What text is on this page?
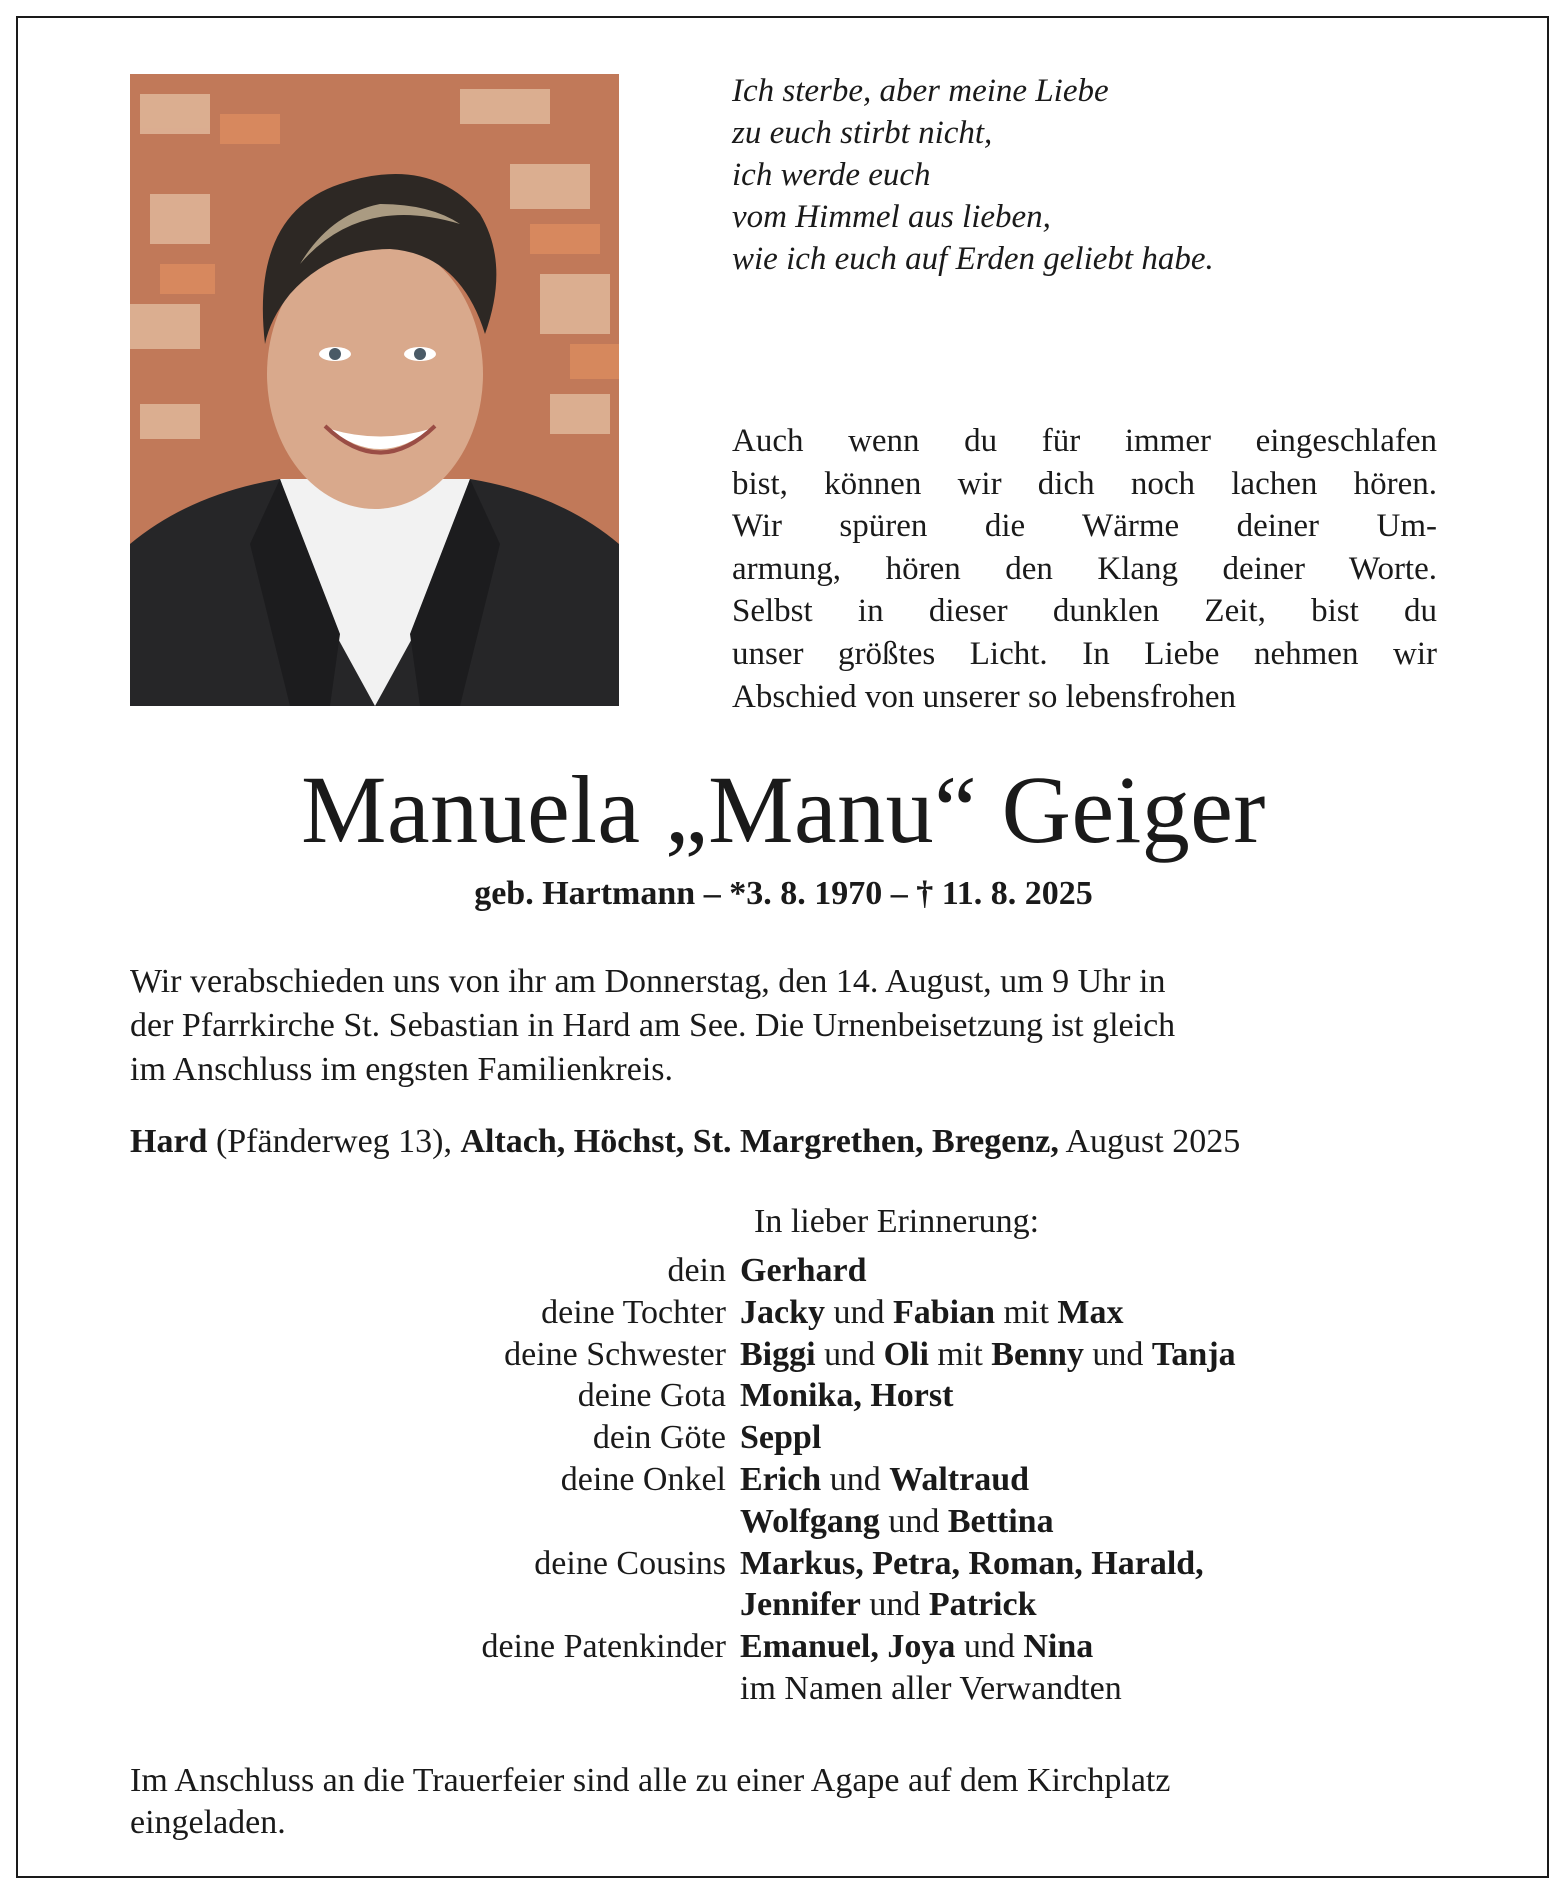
Ich sterbe, aber meine Liebe
zu euch stirbt nicht,
ich werde euch
vom Himmel aus lieben,
wie ich euch auf Erden geliebt habe.
Auch wenn du für immer eingeschlafen
bist, können wir dich noch lachen hören.
Wir spüren die Wärme deiner Um-
armung, hören den Klang deiner Worte.
Selbst in dieser dunklen Zeit, bist du
unser größtes Licht. In Liebe nehmen wir
Abschied von unserer so lebensfrohen
Manuela „Manu“ Geiger
geb. Hartmann – *3. 8. 1970 – † 11. 8. 2025
Wir verabschieden uns von ihr am Donnerstag, den 14. August, um 9 Uhr in
der Pfarrkirche St. Sebastian in Hard am See. Die Urnenbeisetzung ist gleich
im Anschluss im engsten Familienkreis.
Hard (Pfänderweg 13), Altach, Höchst, St. Margrethen, Bregenz, August 2025
In lieber Erinnerung:
dein Gerhard
deine Tochter Jacky und Fabian mit Max
deine Schwester Biggi und Oli mit Benny und Tanja
deine Gota Monika, Horst
dein Göte Seppl
deine Onkel Erich und Waltraud
Wolfgang und Bettina
deine Cousins Markus, Petra, Roman, Harald,
Jennifer und Patrick
deine Patenkinder Emanuel, Joya und Nina
im Namen aller Verwandten
Im Anschluss an die Trauerfeier sind alle zu einer Agape auf dem Kirchplatz
eingeladen.
